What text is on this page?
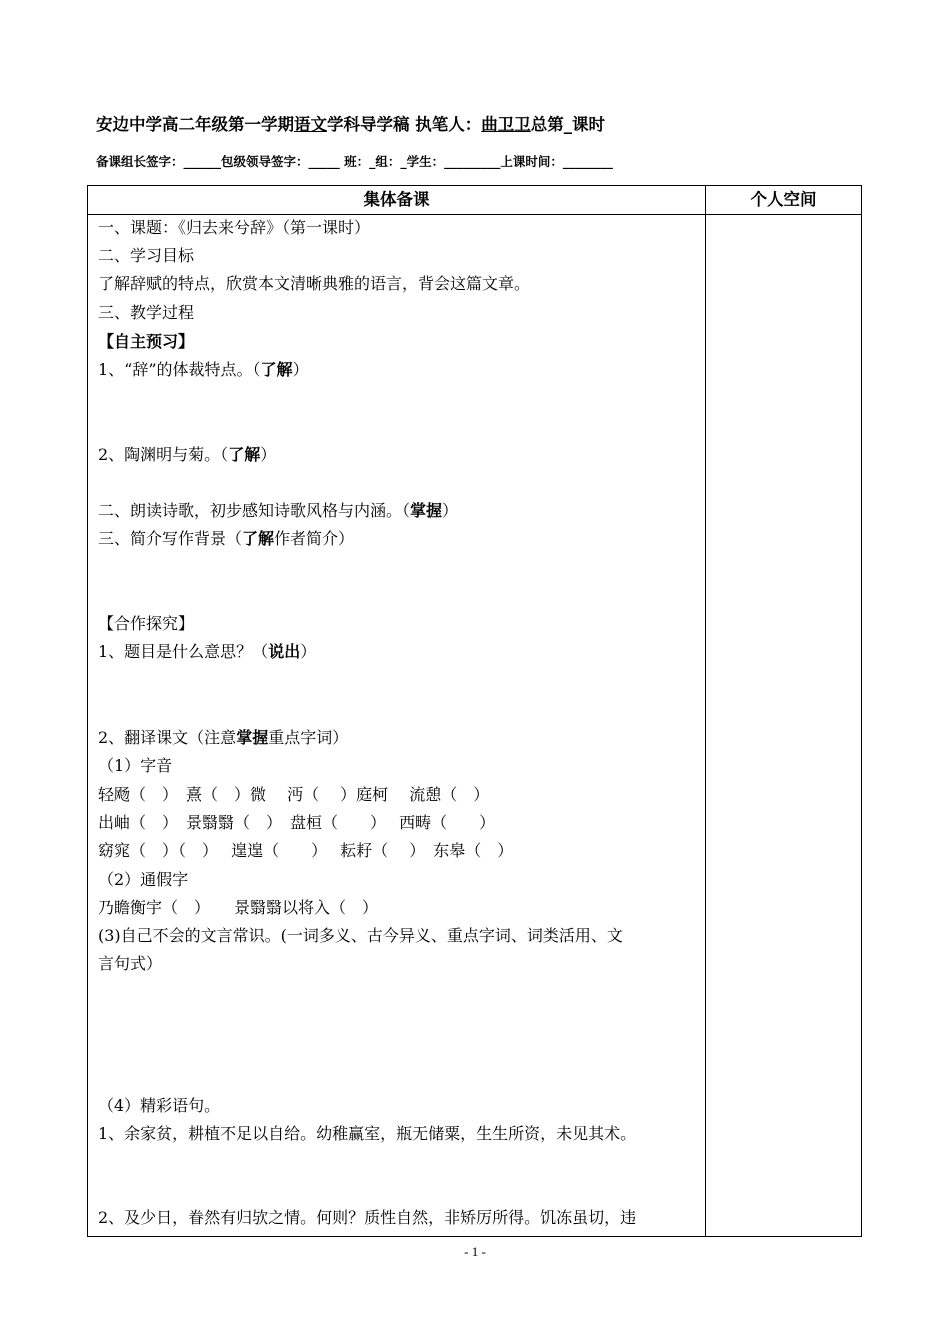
安边中学高二年级第一学期语文学科导学稿 执笔人：曲卫卫总第_课时
备课组长签字：______包级领导签字：_____ 班：_组：_学生：_________上课时间：________
集体备课	个人空间
一、课题：《归去来兮辞》（第一课时）
二、学习目标
了解辞赋的特点，欣赏本文清晰典雅的语言，背会这篇文章。
三、教学过程
【自主预习】
1、“辞”的体裁特点。（了解）
2、陶渊明与菊。（了解）
二、朗读诗歌，初步感知诗歌风格与内涵。（掌握）
三、简介写作背景（了解作者简介）
【合作探究】
1、题目是什么意思？（说出）
2、翻译课文（注意掌握重点字词）
（1）字音
轻飏（　）　熹（　）微　 沔（　 ）庭柯　 流憩（　）
出岫（　）　景翳翳（　）　盘桓（　　）　 西畴（　　）
窈窕（　）（　）　 遑遑（　　）　 耘耔（　 ）　东皋（　）
（2）通假字
乃瞻衡宇（　）　　景翳翳以将入（　）
(3)自己不会的文言常识。(一词多义、古今异义、重点字词、词类活用、文
言句式）
（4）精彩语句。
1、余家贫，耕植不足以自给。幼稚赢室，瓶无储粟，生生所资，未见其术。
2、及少日，眷然有归欤之情。何则？质性自然，非矫厉所得。饥冻虽切，违
- 1 -
